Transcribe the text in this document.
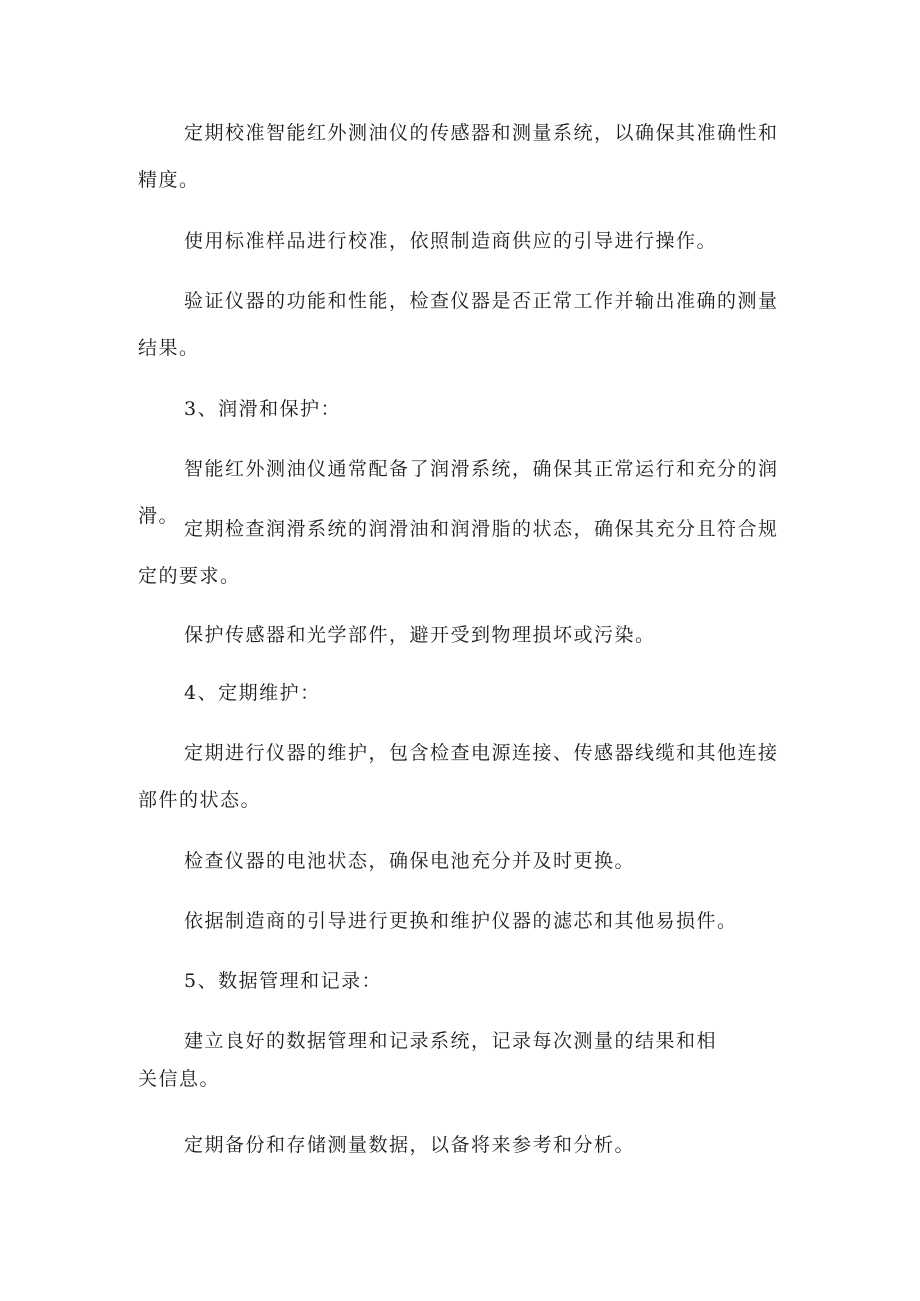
定期校准智能红外测油仪的传感器和测量系统，以确保其准确性和精度。

使用标准样品进行校准，依照制造商供应的引导进行操作。

验证仪器的功能和性能，检查仪器是否正常工作并输出准确的测量结果。

3、润滑和保护：

智能红外测油仪通常配备了润滑系统，确保其正常运行和充分的润滑。

定期检查润滑系统的润滑油和润滑脂的状态，确保其充分且符合规定的要求。

保护传感器和光学部件，避开受到物理损坏或污染。

4、定期维护：

定期进行仪器的维护，包含检查电源连接、传感器线缆和其他连接部件的状态。

检查仪器的电池状态，确保电池充分并及时更换。

依据制造商的引导进行更换和维护仪器的滤芯和其他易损件。

5、数据管理和记录：

建立良好的数据管理和记录系统，记录每次测量的结果和相关信息。

定期备份和存储测量数据，以备将来参考和分析。
